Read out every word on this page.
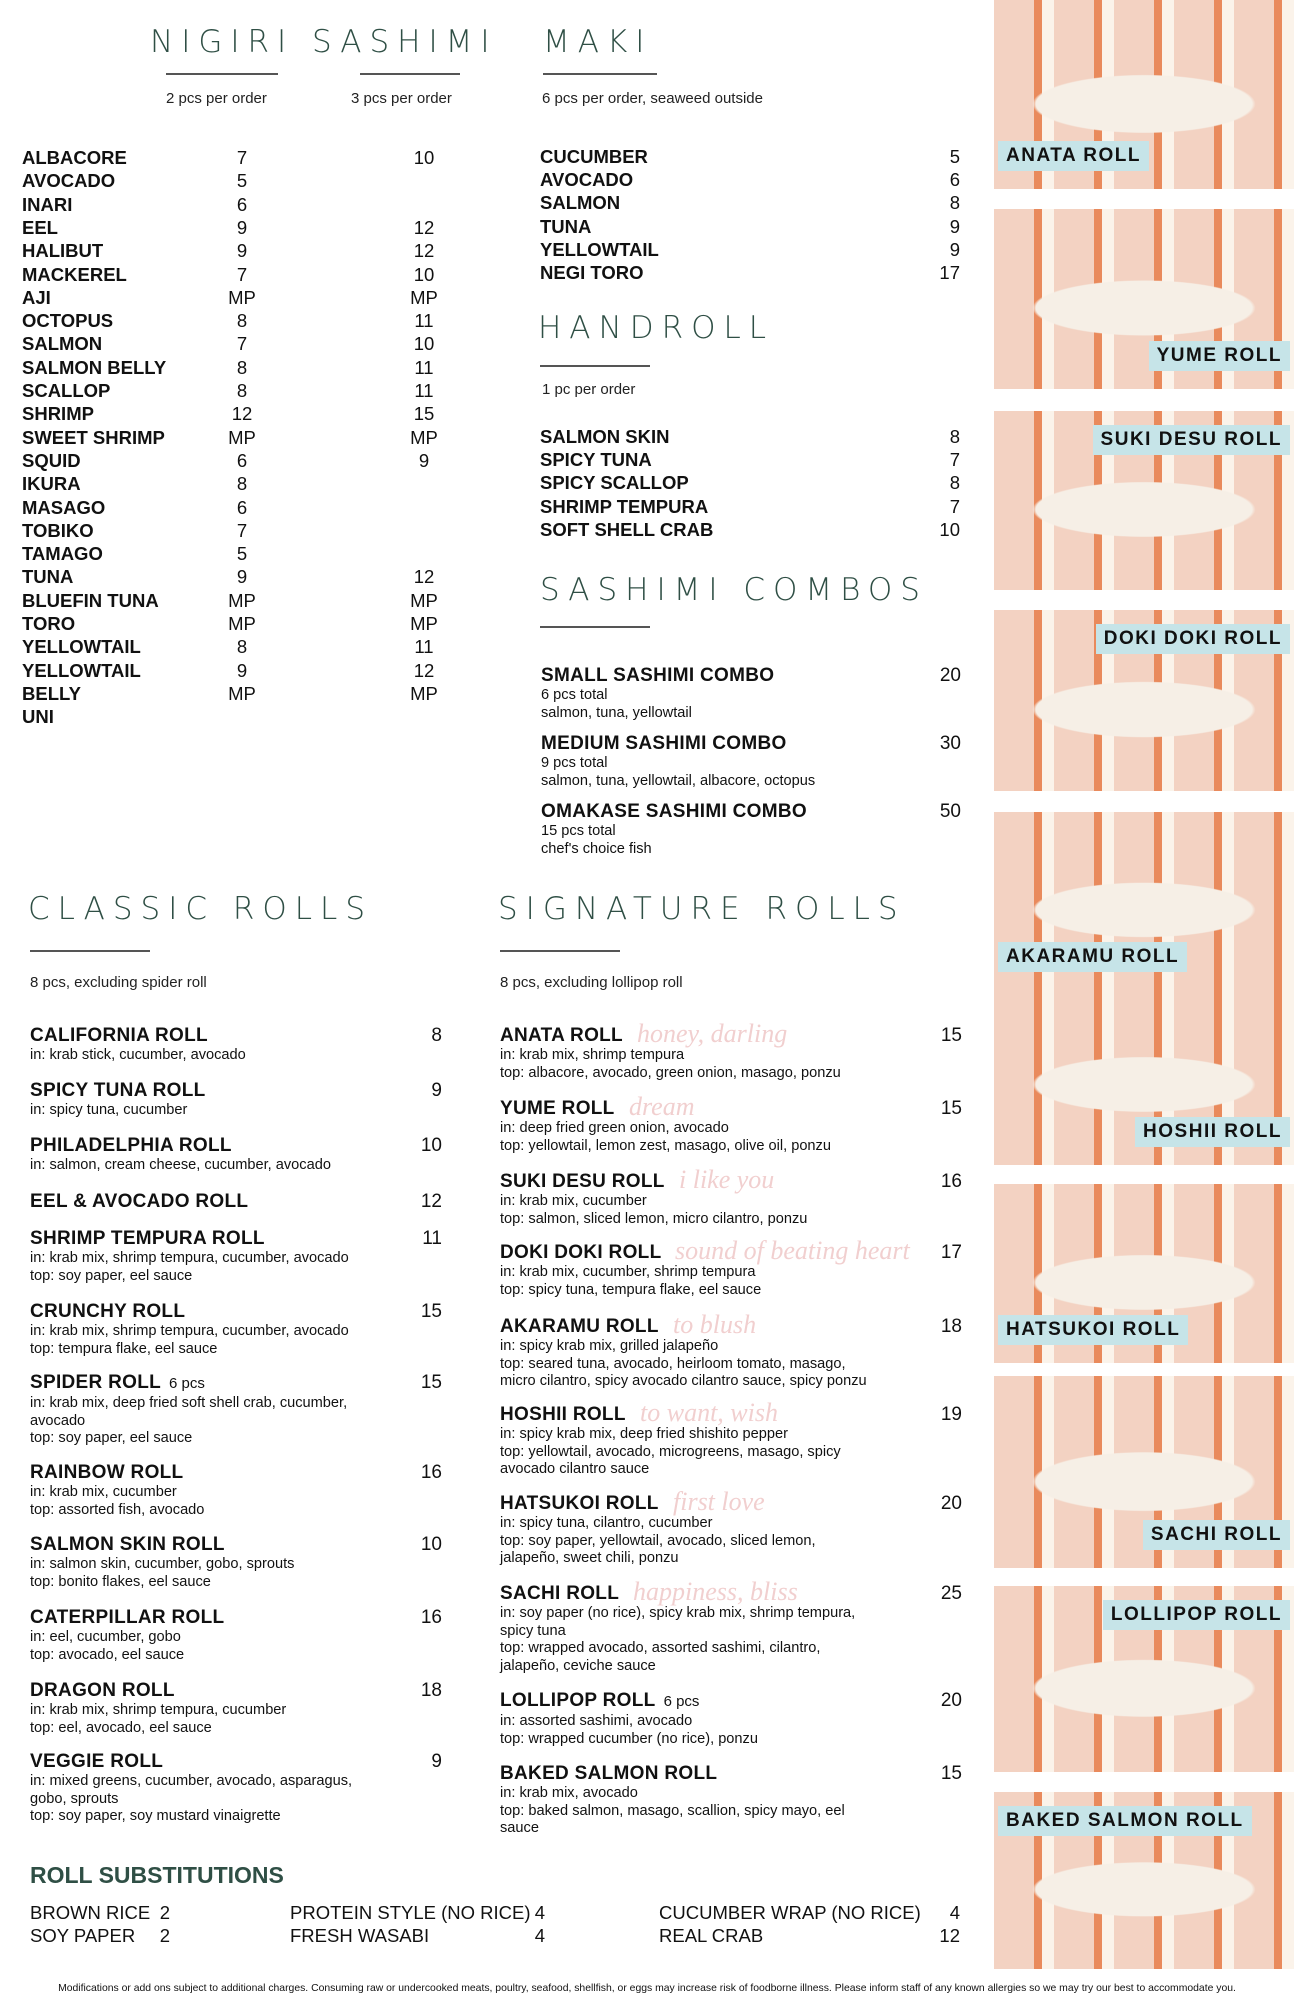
NIGIRI SASHIMI MAKI
2 pcs per order	3 pcs per order	6 pcs per order, seaweed outside
HANDROLL
1 pc per order
SASHIMI COMBOS
CLASSIC ROLLS
8 pcs, excluding spider roll
SIGNATURE ROLLS
8 pcs, excluding lollipop roll
ROLL SUBSTITUTIONS
ALBACORE	7	10
AVOCADO	5
INARI	6
EEL	9	12
HALIBUT	9	12
MACKEREL	7	10
AJI	MP	MP
OCTOPUS	8	11
SALMON	7	10
SALMON BELLY	8	11
SCALLOP	8	11
SHRIMP	12	15
SWEET SHRIMP	MP	MP
SQUID	6	9
IKURA	8
MASAGO	6
TOBIKO	7
TAMAGO	5
TUNA	9	12
BLUEFIN TUNA	MP	MP
TORO	MP	MP
YELLOWTAIL	8	11
YELLOWTAIL	9	12
BELLY	MP	MP
UNI
CUCUMBER	5
AVOCADO	6
SALMON	8
TUNA	9
YELLOWTAIL	9
NEGI TORO	17
SALMON SKIN	8
SPICY TUNA	7
SPICY SCALLOP	8
SHRIMP TEMPURA	7
SOFT SHELL CRAB	10
SMALL SASHIMI COMBO
6 pcs total
salmon, tuna, yellowtail
20
MEDIUM SASHIMI COMBO
9 pcs total
salmon, tuna, yellowtail, albacore, octopus
30
OMAKASE SASHIMI COMBO
15 pcs total
chef's choice fish
50
CALIFORNIA ROLL
in: krab stick, cucumber, avocado
8
SPICY TUNA ROLL
in: spicy tuna, cucumber
9
PHILADELPHIA ROLL
in: salmon, cream cheese, cucumber, avocado
10
EEL & AVOCADO ROLL	12
SHRIMP TEMPURA ROLL
in: krab mix, shrimp tempura, cucumber, avocado
top: soy paper, eel sauce
11
CRUNCHY ROLL
in: krab mix, shrimp tempura, cucumber, avocado
top: tempura flake, eel sauce
15
SPIDER ROLL 6 pcs
in: krab mix, deep fried soft shell crab, cucumber,
avocado
top: soy paper, eel sauce
15
RAINBOW ROLL
in: krab mix, cucumber
top: assorted fish, avocado
16
SALMON SKIN ROLL
in: salmon skin, cucumber, gobo, sprouts
top: bonito flakes, eel sauce
10
CATERPILLAR ROLL
in: eel, cucumber, gobo
top: avocado, eel sauce
16
DRAGON ROLL
in: krab mix, shrimp tempura, cucumber
top: eel, avocado, eel sauce
18
VEGGIE ROLL
in: mixed greens, cucumber, avocado, asparagus,
gobo, sprouts
top: soy paper, soy mustard vinaigrette
9
ANATA ROLL
in: krab mix, shrimp tempura
top: albacore, avocado, green onion, masago, ponzu
15
YUME ROLL
in: deep fried green onion, avocado
top: yellowtail, lemon zest, masago, olive oil, ponzu
15
SUKI DESU ROLL
in: krab mix, cucumber
top: salmon, sliced lemon, micro cilantro, ponzu
16
DOKI DOKI ROLL
in: krab mix, cucumber, shrimp tempura
top: spicy tuna, tempura flake, eel sauce
17
AKARAMU ROLL
in: spicy krab mix, grilled jalapeño
top: seared tuna, avocado, heirloom tomato, masago,
micro cilantro, spicy avocado cilantro sauce, spicy ponzu
18
HOSHII ROLL
in: spicy krab mix, deep fried shishito pepper
top: yellowtail, avocado, microgreens, masago, spicy
avocado cilantro sauce
19
HATSUKOI ROLL
in: spicy tuna, cilantro, cucumber
top: soy paper, yellowtail, avocado, sliced lemon,
jalapeño, sweet chili, ponzu
20
SACHI ROLL
in: soy paper (no rice), spicy krab mix, shrimp tempura,
spicy tuna
top: wrapped avocado, assorted sashimi, cilantro,
jalapeño, ceviche sauce
25
LOLLIPOP ROLL 6 pcs
in: assorted sashimi, avocado
top: wrapped cucumber (no rice), ponzu
20
BAKED SALMON ROLL
in: krab mix, avocado
top: baked salmon, masago, scallion, spicy mayo, eel
sauce
15
honey, darling
dream
i like you
sound of beating heart
to blush
to want, wish
first love
happiness, bliss
BROWN RICE 2
SOY PAPER	2
PROTEIN STYLE (NO RICE) 4
FRESH WASABI	4
CUCUMBER WRAP (NO RICE)	4
REAL CRAB	12
ANATA ROLL
YUME ROLL
SUKI DESU ROLL
DOKI DOKI ROLL
AKARAMU ROLL
HOSHII ROLL
HATSUKOI ROLL
SACHI ROLL
LOLLIPOP ROLL
BAKED SALMON ROLL
Modifications or add ons subject to additional charges. Consuming raw or undercooked meats, poultry, seafood, shellfish, or eggs may increase risk of foodborne illness. Please inform staff of any known allergies so we may try our best to accommodate you.
